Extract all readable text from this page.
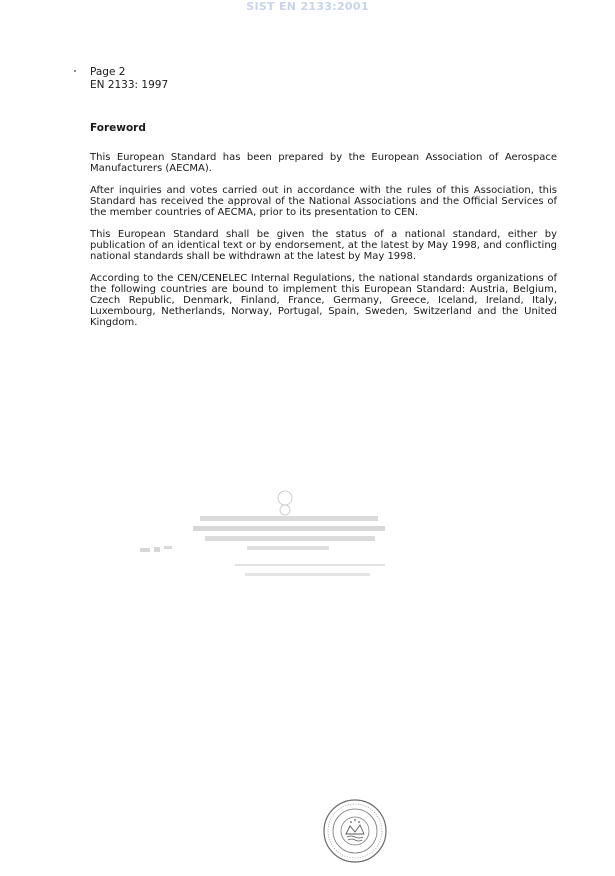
SIST EN 2133:2001
Page 2
EN 2133: 1997
Foreword

This European Standard has been prepared by the European Association of Aerospace Manufacturers (AECMA).

After inquiries and votes carried out in accordance with the rules of this Association, this Standard has received the approval of the National Associations and the Official Services of the member countries of AECMA, prior to its presentation to CEN.

This European Standard shall be given the status of a national standard, either by publication of an identical text or by endorsement, at the latest by May 1998, and conflicting national standards shall be withdrawn at the latest by May 1998.

According to the CEN/CENELEC Internal Regulations, the national standards organizations of the following countries are bound to implement this European Standard: Austria, Belgium, Czech Republic, Denmark, Finland, France, Germany, Greece, Iceland, Ireland, Italy, Luxembourg, Netherlands, Norway, Portugal, Spain, Sweden, Switzerland and the United Kingdom.
